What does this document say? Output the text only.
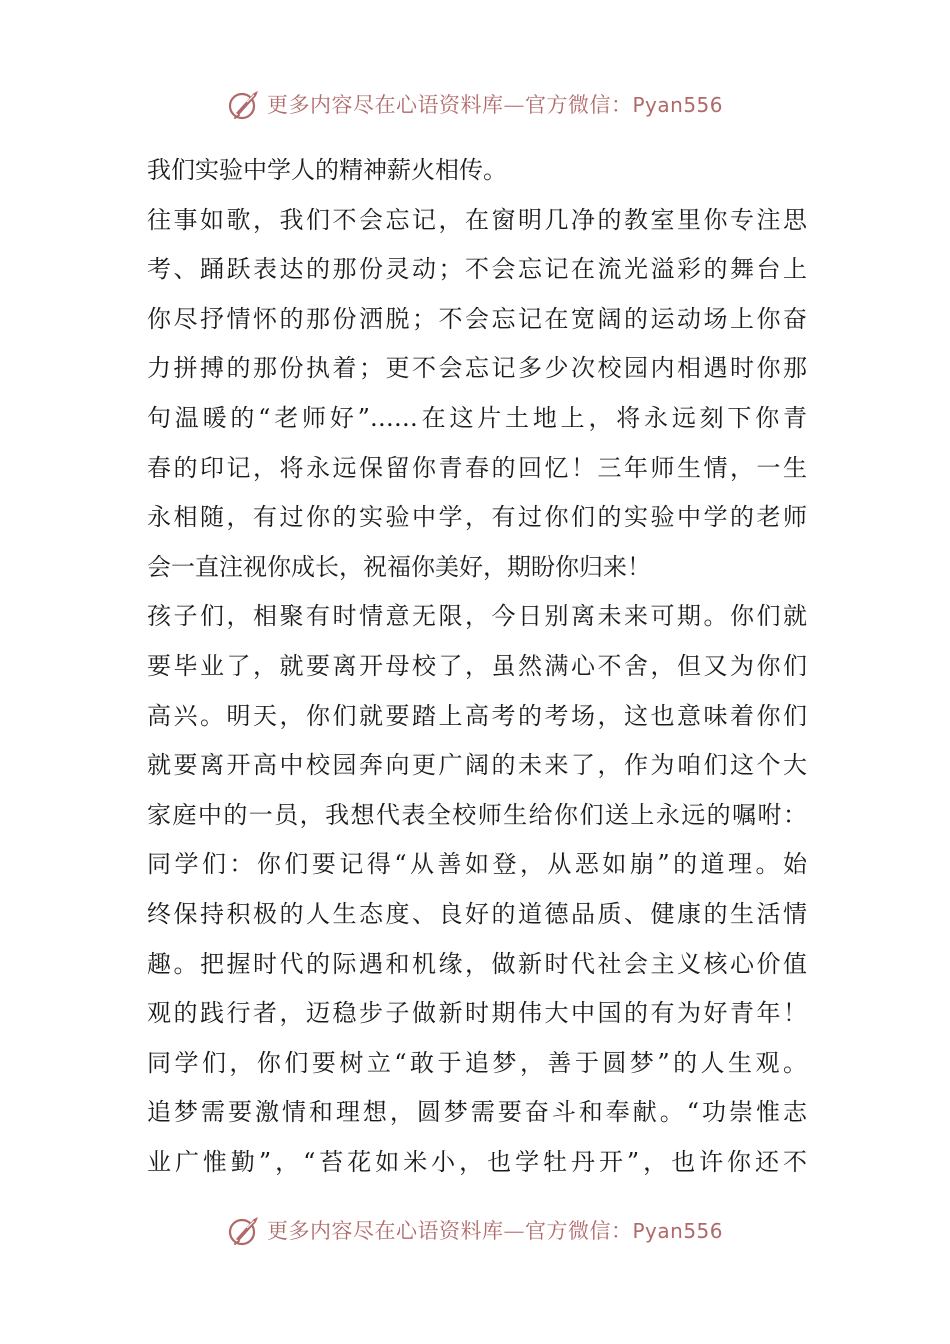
更多内容尽在心语资料库—官方微信：Pyan556
我们实验中学人的精神薪火相传。
往事如歌，我们不会忘记，在窗明几净的教室里你专注思
考、踊跃表达的那份灵动；不会忘记在流光溢彩的舞台上
你尽抒情怀的那份洒脱；不会忘记在宽阔的运动场上你奋
力拼搏的那份执着；更不会忘记多少次校园内相遇时你那
句温暖的“老师好”……在这片土地上，将永远刻下你青
春的印记，将永远保留你青春的回忆！三年师生情，一生
永相随，有过你的实验中学，有过你们的实验中学的老师
会一直注视你成长，祝福你美好，期盼你归来！
孩子们，相聚有时情意无限，今日别离未来可期。你们就
要毕业了，就要离开母校了，虽然满心不舍，但又为你们
高兴。明天，你们就要踏上高考的考场，这也意味着你们
就要离开高中校园奔向更广阔的未来了，作为咱们这个大
家庭中的一员，我想代表全校师生给你们送上永远的嘱咐：
同学们：你们要记得“从善如登，从恶如崩”的道理。始
终保持积极的人生态度、良好的道德品质、健康的生活情
趣。把握时代的际遇和机缘，做新时代社会主义核心价值
观的践行者，迈稳步子做新时期伟大中国的有为好青年！
同学们，你们要树立“敢于追梦，善于圆梦”的人生观。
追梦需要激情和理想，圆梦需要奋斗和奉献。“功崇惟志
业广惟勤”，“苔花如米小，也学牡丹开”，也许你还不
更多内容尽在心语资料库—官方微信：Pyan556
